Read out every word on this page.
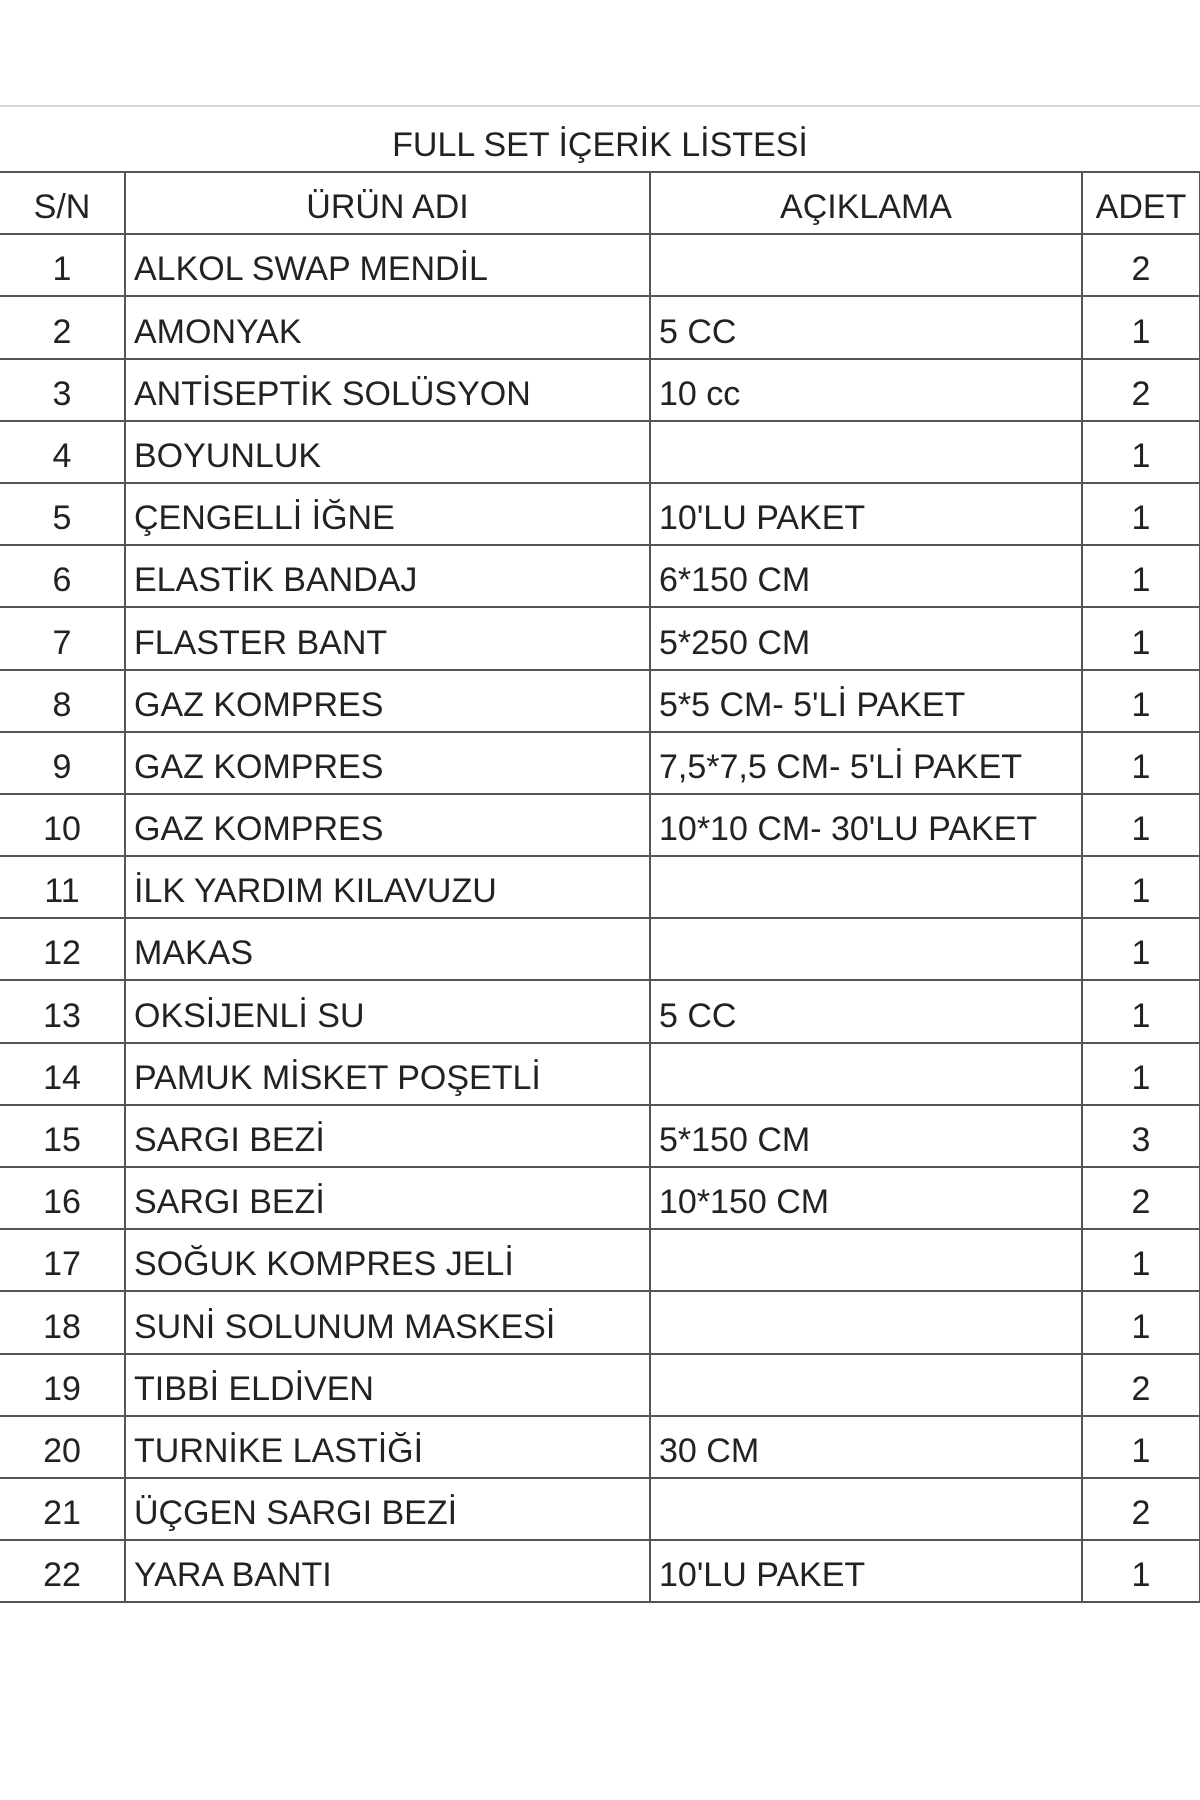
FULL SET İÇERİK LİSTESİ			
S/N	ÜRÜN ADI	AÇIKLAMA	ADET
1	ALKOL SWAP MENDİL		2
2	AMONYAK	5 CC	1
3	ANTİSEPTİK SOLÜSYON	10 cc	2
4	BOYUNLUK		1
5	ÇENGELLİ İĞNE	10'LU PAKET	1
6	ELASTİK BANDAJ	6*150 CM	1
7	FLASTER BANT	5*250 CM	1
8	GAZ KOMPRES	5*5 CM- 5'Lİ PAKET	1
9	GAZ KOMPRES	7,5*7,5 CM- 5'Lİ PAKET	1
10	GAZ KOMPRES	10*10 CM- 30'LU PAKET	1
11	İLK YARDIM KILAVUZU		1
12	MAKAS		1
13	OKSİJENLİ SU	5 CC	1
14	PAMUK MİSKET POŞETLİ		1
15	SARGI BEZİ	5*150 CM	3
16	SARGI BEZİ	10*150 CM	2
17	SOĞUK KOMPRES JELİ		1
18	SUNİ SOLUNUM MASKESİ		1
19	TIBBİ ELDİVEN		2
20	TURNİKE LASTİĞİ	30 CM	1
21	ÜÇGEN SARGI BEZİ		2
22	YARA BANTI	10'LU PAKET	1
